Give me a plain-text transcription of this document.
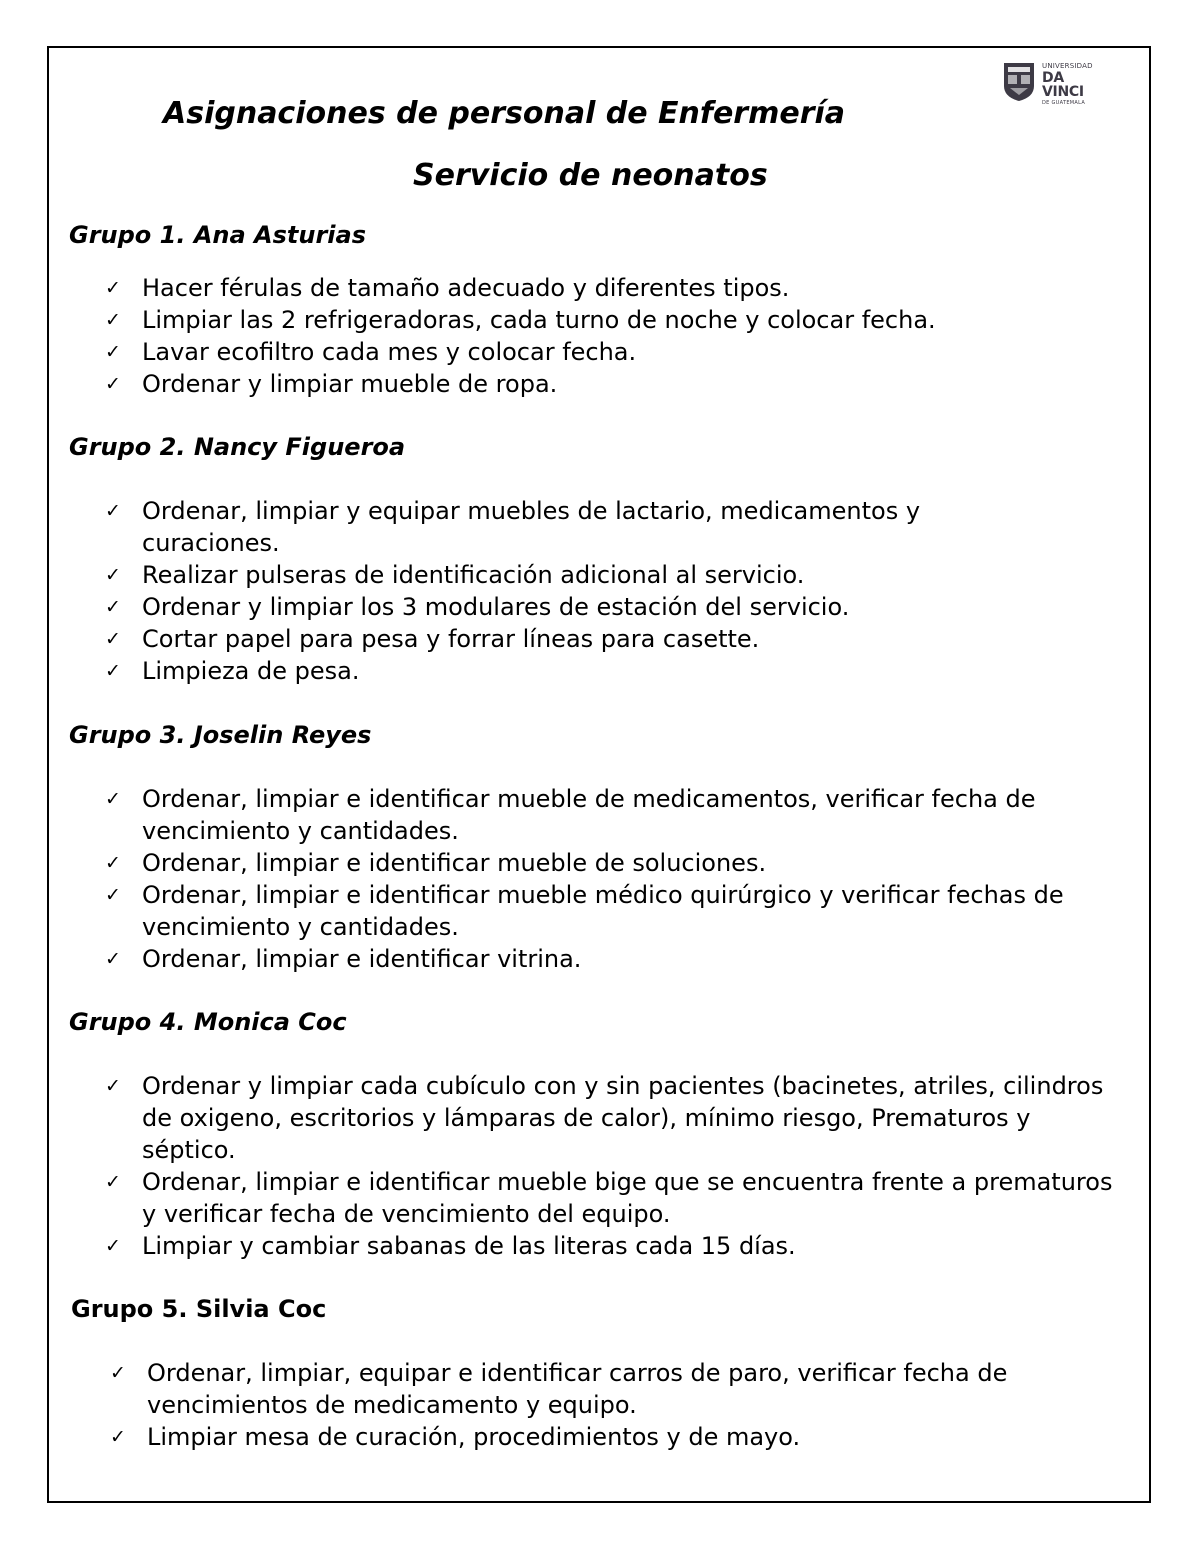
UNIVERSIDAD
DA VINCI
DE GUATEMALA
Asignaciones de personal de Enfermería
Servicio de neonatos
Grupo 1. Ana Asturias
✓ Hacer férulas de tamaño adecuado y diferentes tipos.
✓ Limpiar las 2 refrigeradoras, cada turno de noche y colocar fecha.
✓ Lavar ecofiltro cada mes y colocar fecha.
✓ Ordenar y limpiar mueble de ropa.
Grupo 2. Nancy Figueroa
✓ Ordenar, limpiar y equipar muebles de lactario, medicamentos y curaciones.
✓ Realizar pulseras de identificación adicional al servicio.
✓ Ordenar y limpiar los 3 modulares de estación del servicio.
✓ Cortar papel para pesa y forrar líneas para casette.
✓ Limpieza de pesa.
Grupo 3. Joselin Reyes
✓ Ordenar, limpiar e identificar mueble de medicamentos, verificar fecha de vencimiento y cantidades.
✓ Ordenar, limpiar e identificar mueble de soluciones.
✓ Ordenar, limpiar e identificar mueble médico quirúrgico y verificar fechas de vencimiento y cantidades.
✓ Ordenar, limpiar e identificar vitrina.
Grupo 4. Monica Coc
✓ Ordenar y limpiar cada cubículo con y sin pacientes (bacinetes, atriles, cilindros de oxigeno, escritorios y lámparas de calor), mínimo riesgo, Prematuros y séptico.
✓ Ordenar, limpiar e identificar mueble bige que se encuentra frente a prematuros y verificar fecha de vencimiento del equipo.
✓ Limpiar y cambiar sabanas de las literas cada 15 días.
Grupo 5. Silvia Coc
✓ Ordenar, limpiar, equipar e identificar carros de paro, verificar fecha de vencimientos de medicamento y equipo.
✓ Limpiar mesa de curación, procedimientos y de mayo.
